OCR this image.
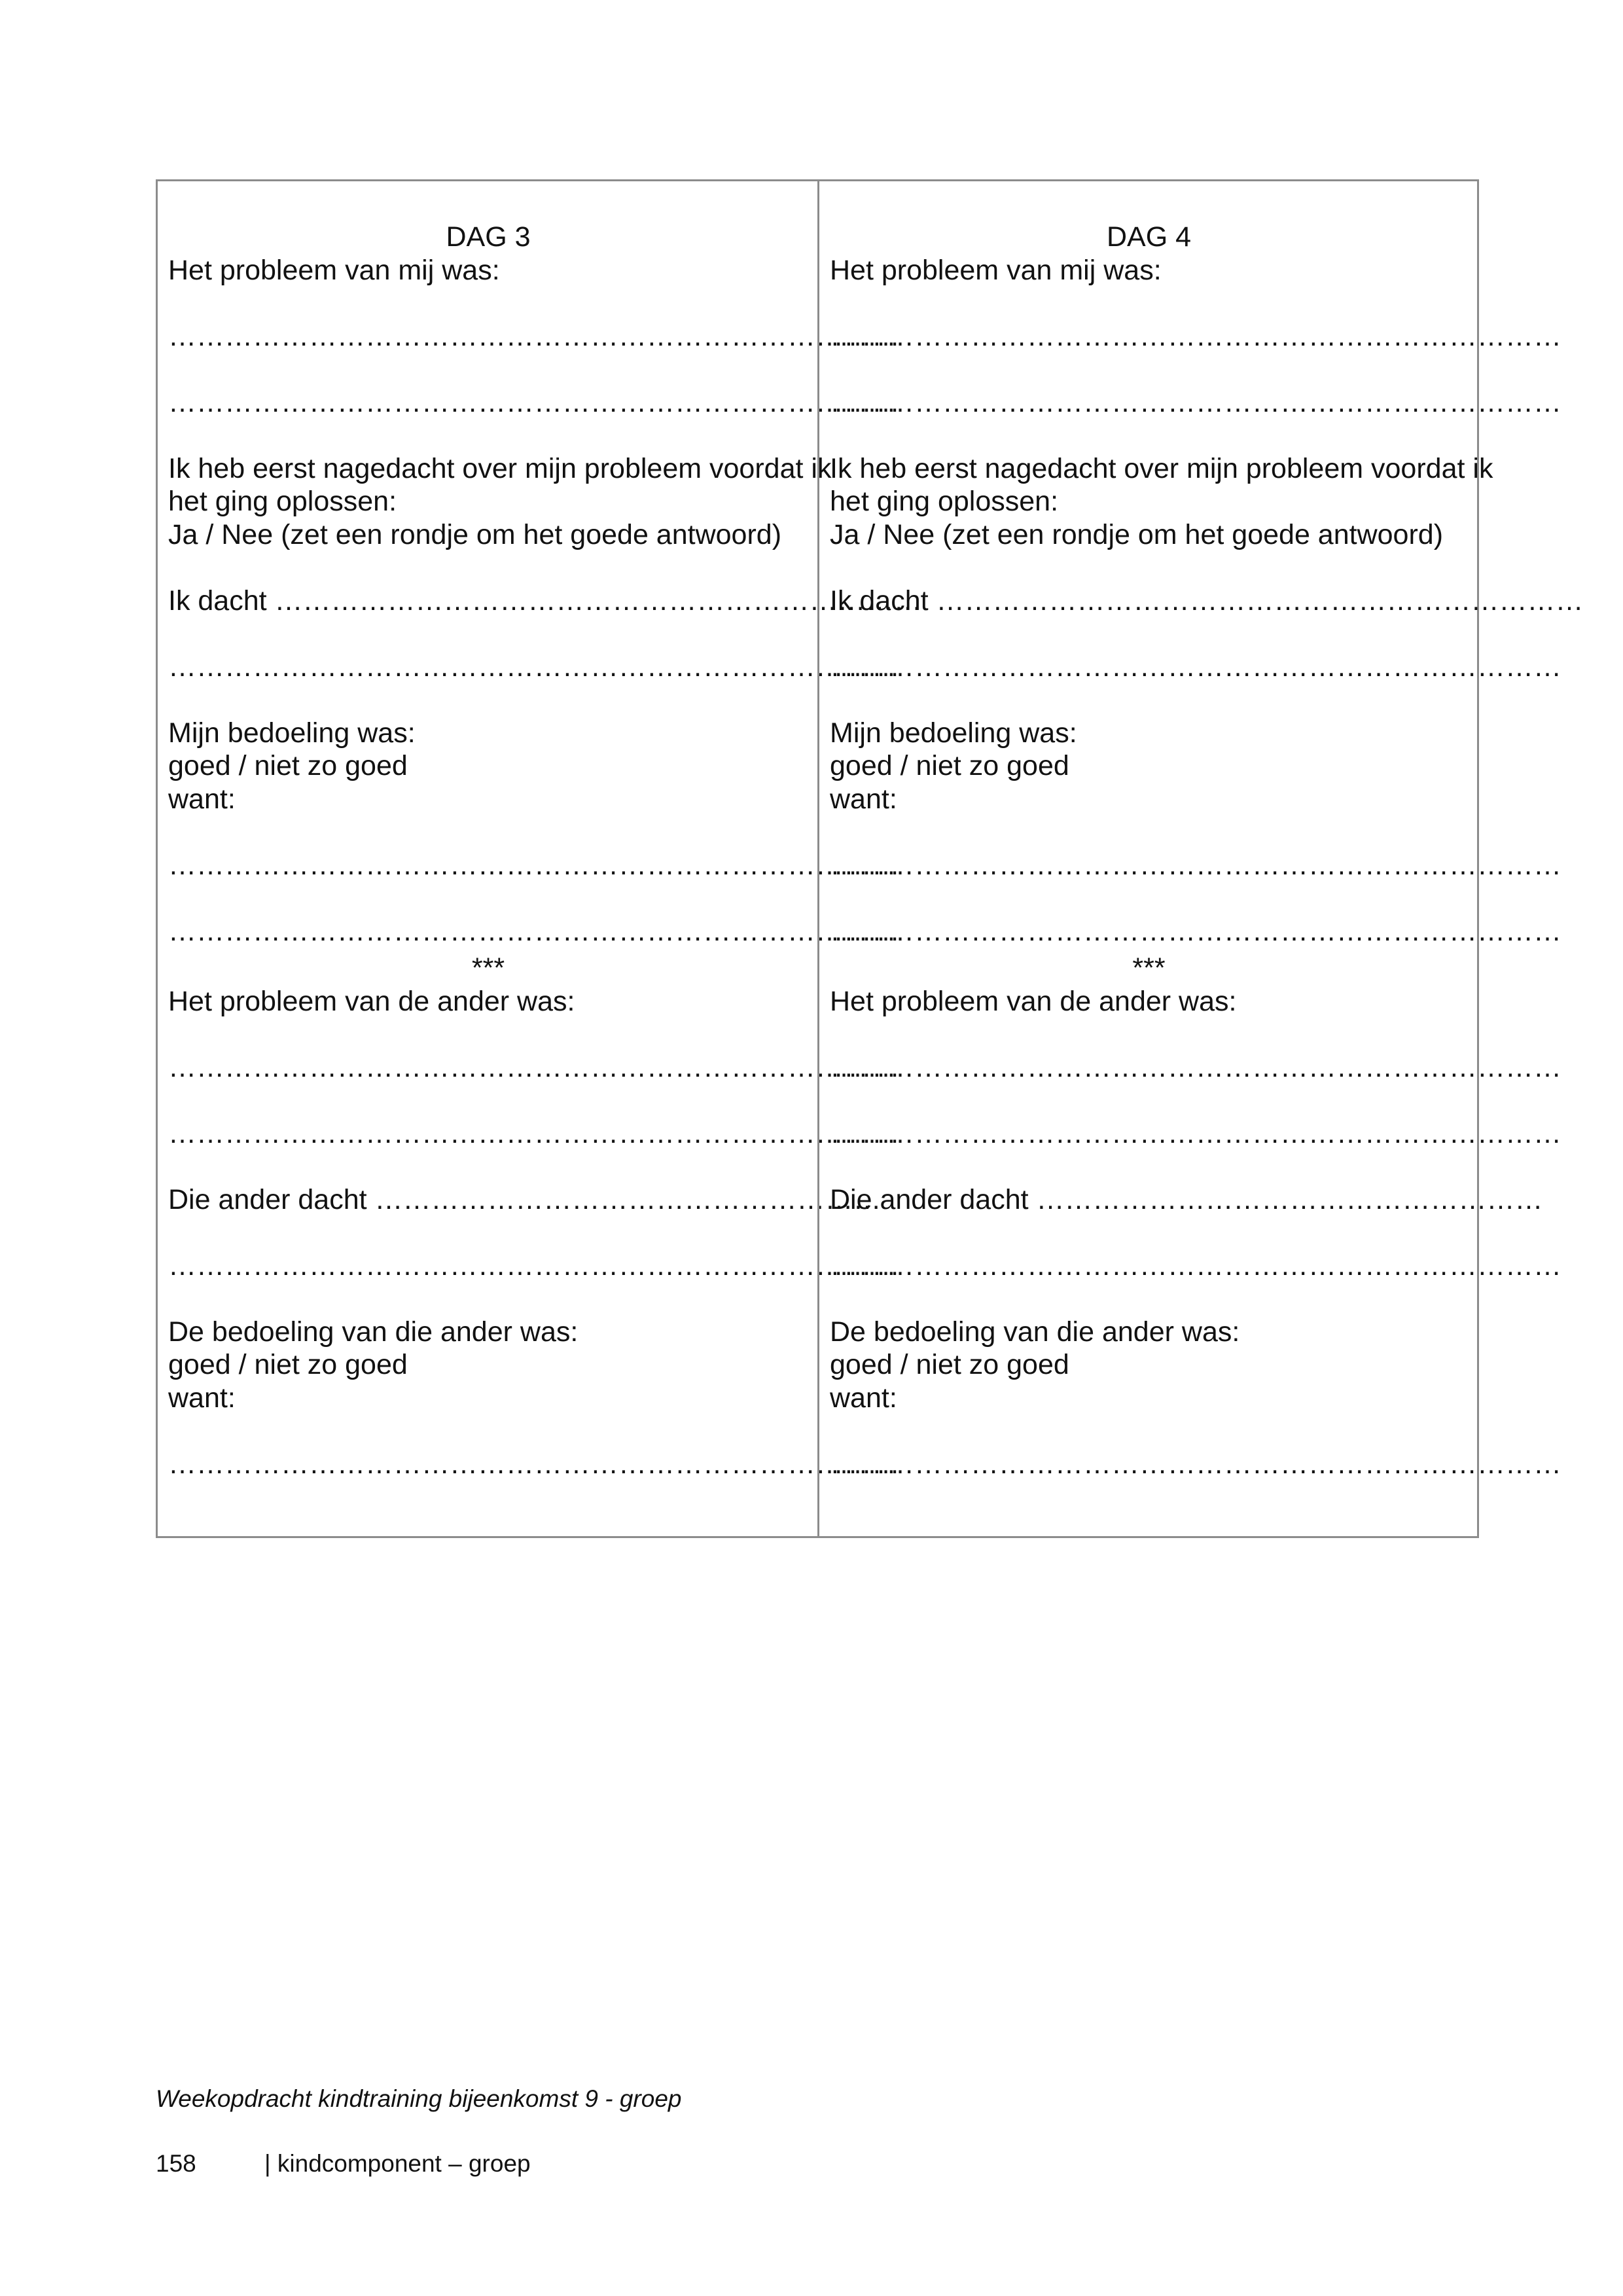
DAG 3
Het probleem van mij was:
……………………………………………………………………
……………………………………………………………………
Ik heb eerst nagedacht over mijn probleem voordat ik
het ging oplossen:
Ja / Nee (zet een rondje om het goede antwoord)
Ik dacht ……………………………………………………………
……………………………………………………………………
Mijn bedoeling was:
goed / niet zo goed
want:
……………………………………………………………………
……………………………………………………………………
***
Het probleem van de ander was:
……………………………………………………………………
……………………………………………………………………
Die ander dacht ………………………………………………
……………………………………………………………………
De bedoeling van die ander was:
goed / niet zo goed
want:
……………………………………………………………………
DAG 4
Het probleem van mij was:
……………………………………………………………………
……………………………………………………………………
Ik heb eerst nagedacht over mijn probleem voordat ik
het ging oplossen:
Ja / Nee (zet een rondje om het goede antwoord)
Ik dacht ……………………………………………………………
……………………………………………………………………
Mijn bedoeling was:
goed / niet zo goed
want:
……………………………………………………………………
……………………………………………………………………
***
Het probleem van de ander was:
……………………………………………………………………
……………………………………………………………………
Die ander dacht ………………………………………………
……………………………………………………………………
De bedoeling van die ander was:
goed / niet zo goed
want:
……………………………………………………………………
Weekopdracht kindtraining bijeenkomst 9 - groep
158	| kindcomponent – groep
